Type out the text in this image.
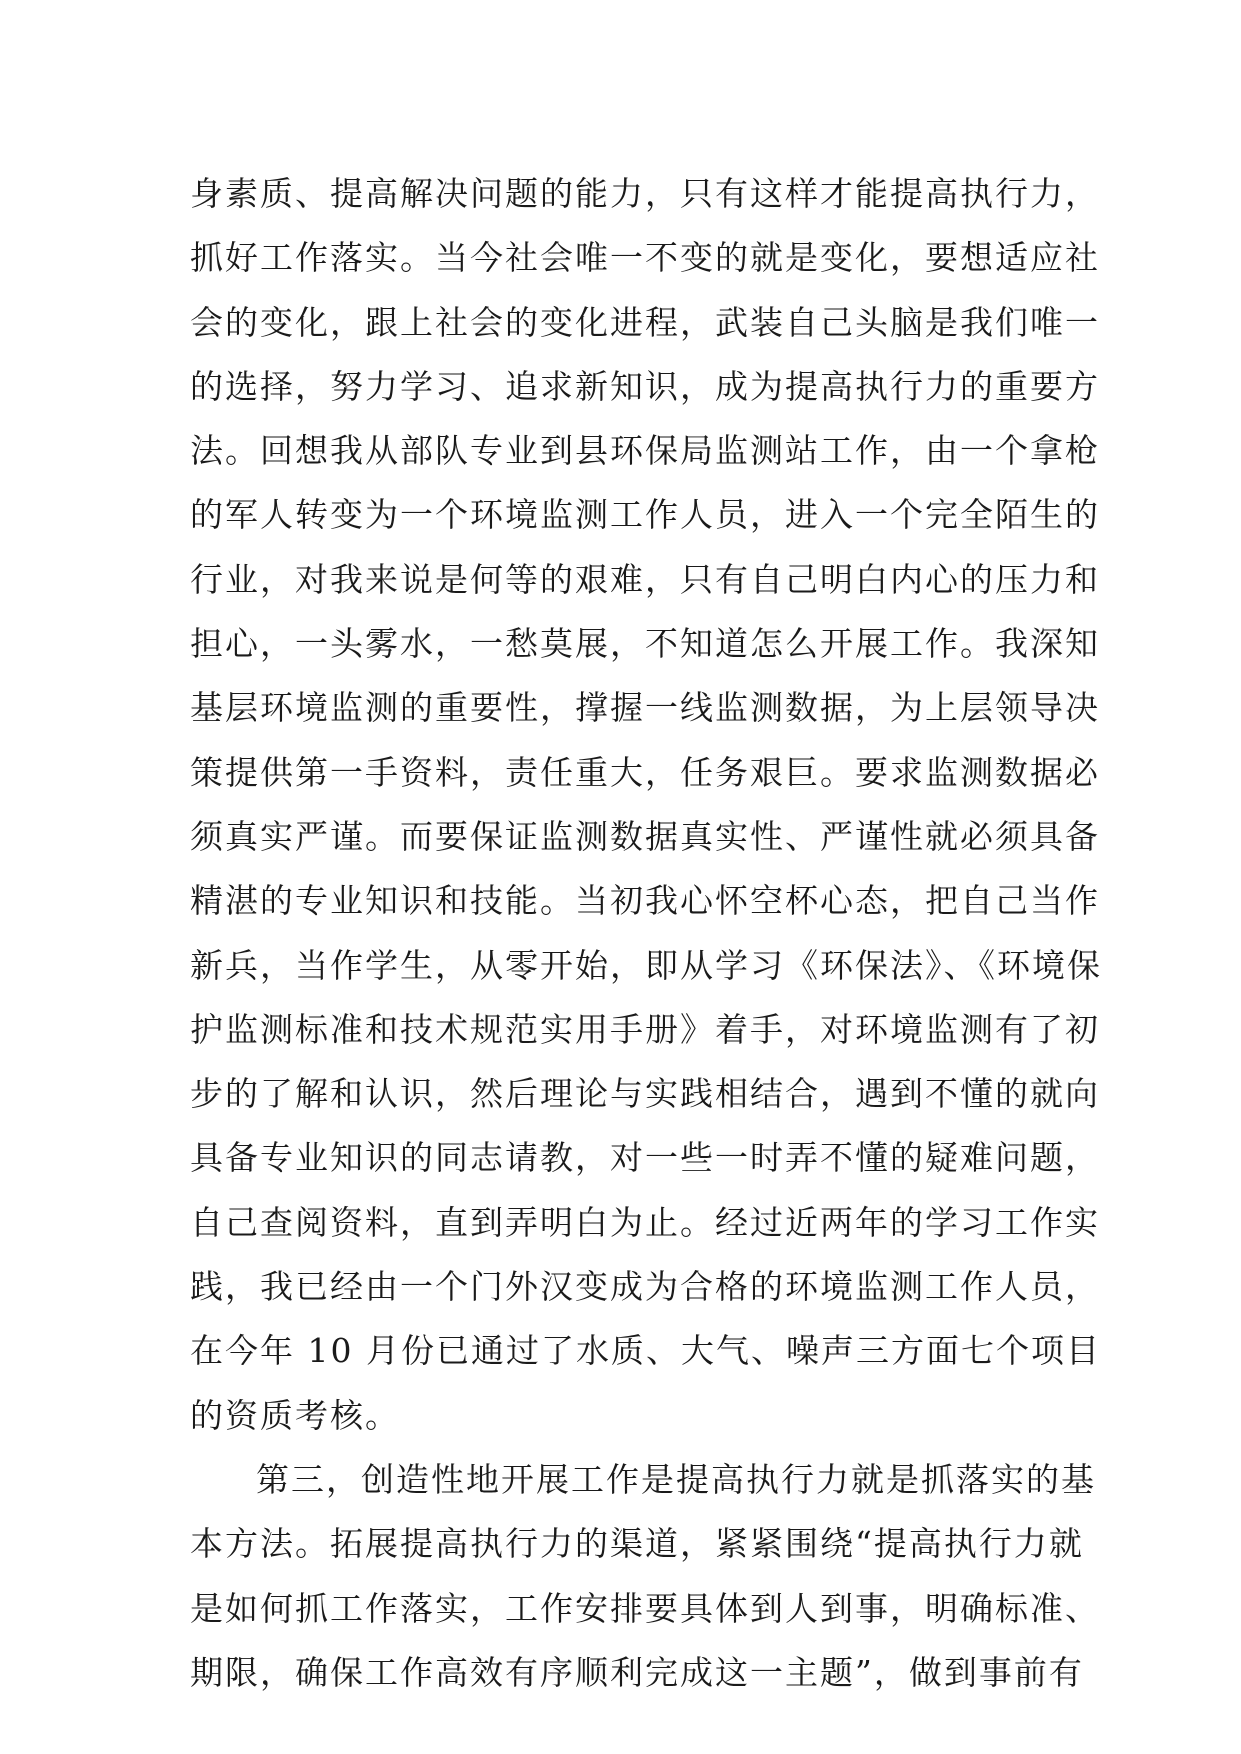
身素质、提高解决问题的能力，只有这样才能提高执行力，
抓好工作落实。当今社会唯一不变的就是变化，要想适应社
会的变化，跟上社会的变化进程，武装自己头脑是我们唯一
的选择，努力学习、追求新知识，成为提高执行力的重要方
法。回想我从部队专业到县环保局监测站工作，由一个拿枪
的军人转变为一个环境监测工作人员，进入一个完全陌生的
行业，对我来说是何等的艰难，只有自己明白内心的压力和
担心，一头雾水，一愁莫展，不知道怎么开展工作。我深知
基层环境监测的重要性，撑握一线监测数据，为上层领导决
策提供第一手资料，责任重大，任务艰巨。要求监测数据必
须真实严谨。而要保证监测数据真实性、严谨性就必须具备
精湛的专业知识和技能。当初我心怀空杯心态，把自己当作
新兵，当作学生，从零开始，即从学习《环保法》、《环境保
护监测标准和技术规范实用手册》着手，对环境监测有了初
步的了解和认识，然后理论与实践相结合，遇到不懂的就向
具备专业知识的同志请教，对一些一时弄不懂的疑难问题，
自己查阅资料，直到弄明白为止。经过近两年的学习工作实
践，我已经由一个门外汉变成为合格的环境监测工作人员，
在今年 10 月份已通过了水质、大气、噪声三方面七个项目
的资质考核。
第三，创造性地开展工作是提高执行力就是抓落实的基
本方法。拓展提高执行力的渠道，紧紧围绕“提高执行力就
是如何抓工作落实，工作安排要具体到人到事，明确标准、
期限，确保工作高效有序顺利完成这一主题”，做到事前有
